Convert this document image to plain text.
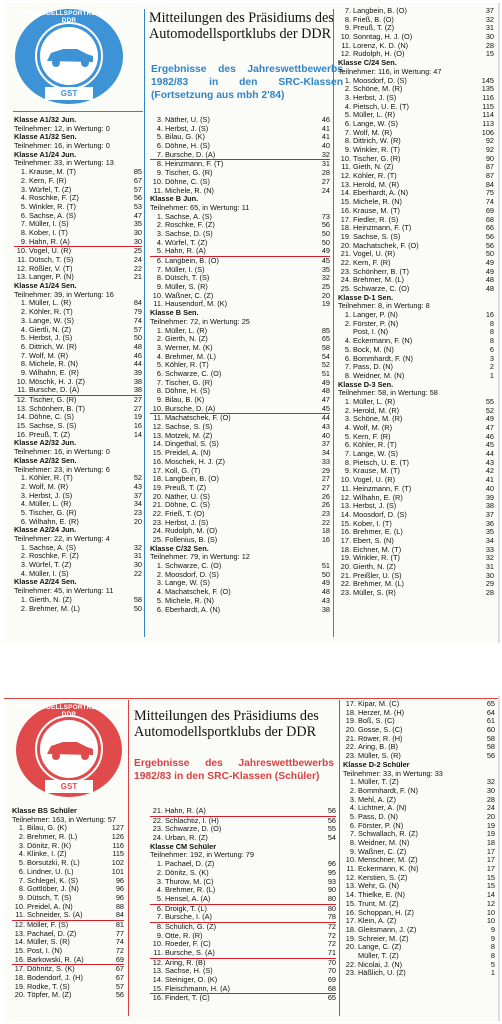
AUTOMODELLSPORTKLUB DER DDR
GST
Mitteilungen des Präsidiums des Automodellsportklubs der DDR
Ergebnisse des Jahreswettbewerbs 1982/83 in den SRC-Klassen (Fortsetzung aus mbh 2'84)
Klasse A1/32 Jun.
Teilnehmer: 12, in Wertung: 0
Klasse A1/32 Sen.
Teilnehmer: 16, in Wertung: 0
Klasse A1/24 Jun.
Teilnehmer: 33, in Wertung: 13
1. Krause, M. (T)	85
2. Kern, F. (R)	67
3. Würfel, T. (Z)	57
4. Roschke, F. (Z)	56
5. Winkler, R. (T)	53
6. Sachse, A. (S)	47
7. Müller, I. (S)	35
8. Kober, I. (T)	30
9. Hahn, R. (A)	30
10. Vogel, U. (R)	25
11. Dütsch, T. (S)	24
12. Rößler, V. (T)	22
13. Langer, P. (N)	21
Klasse A1/24 Sen.
Teilnehmer: 39, in Wertung: 16
1. Müller, L. (R)	84
2. Köhler, R. (T)	79
3. Lange, W. (S)	74
4. Giertli, N. (Z)	57
5. Herbst, J. (S)	50
6. Dittrich, W. (R)	48
7. Wolf, M. (R)	46
8. Michele, R. (N)	44
9. Wilhahn, E. (R)	39
10. Möschk, H. J. (Z)	38
11. Bursche, D. (A)	38
12. Tischer, G. (R)	27
13. Schönherr, B. (T)	27
14. Döhne, C. (S)	19
15. Sachse, S. (S)	16
16. Preuß, T. (Z)	14
Klasse A2/32 Jun.
Teilnehmer: 16, in Wertung: 0
Klasse A2/32 Sen.
Teilnehmer: 23, in Wertung: 6
1. Köhler, R. (T)	52
2. Wolf, M. (R)	43
3. Herbst, J. (S)	37
4. Müller, L. (R)	34
5. Tischer, G. (R)	23
6. Wilhahn, E. (R)	20
Klasse A2/24 Jun.
Teilnehmer: 22, in Wertung: 4
1. Sachse, A. (S)	32
2. Roschke, F. (Z)	31
3. Würfel, T. (Z)	30
4. Müller, I. (S)	22
Klasse A2/24 Sen.
Teilnehmer: 45, in Wertung: 11
1. Gierth, N. (Z)	58
2. Brehmer, M. (L)	50
3. Näther, U. (S)	46
4. Herbst, J. (S)	41
5. Bilau, G. (K)	41
6. Döhne, H. (S)	40
7. Bursche, D. (A)	32
8. Heinzmann, F. (T)	31
9. Tischer, G. (R)	28
10. Döhne, C. (S)	27
11. Michele, R. (N)	24
Klasse B Jun.
Teilnehmer: 65, in Wertung: 11
1. Sachse, A. (S)	73
2. Roschke, F. (Z)	56
3. Sachse, D. (S)	50
4. Würfel, T. (Z)	50
5. Hahn, R. (A)	49
6. Langbein, B. (O)	45
7. Müller, I. (S)	35
8. Dütsch, T. (S)	32
9. Müller, S. (R)	25
10. Waßner, C. (Z)	20
11. Hausendorf, M. (K)	19
Klasse B Sen.
Teilnehmer: 72, in Wertung: 25
1. Müller, L. (R)	85
2. Gierth, N. (Z)	65
3. Werner, M. (K)	58
4. Brehmer, M. (L)	54
5. Köhler, R. (T)	52
6. Schwarze, C. (O)	51
7. Tischer, G. (R)	49
8. Döhne, H. (S)	48
9. Bilau, B. (K)	47
10. Bursche, D. (A)	45
11. Machatschek, F. (O)	44
12. Sachse, S. (S)	43
13. Motzek, M. (Z)	40
14. Dingethal, S. (S)	37
15. Preidel, A. (N)	34
16. Moschek, H. J. (Z)	33
17. Koll, G. (T)	29
18. Langbein, B. (O)	27
19. Preuß, T. (Z)	27
20. Näther, U. (S)	26
21. Döhne, C. (S)	26
22. Frieß, T. (O)	23
23. Herbst, J. (S)	22
24. Rudolph, M. (O)	18
25. Follenius, B. (S)	16
Klasse C/32 Sen.
Teilnehmer: 79, in Wertung: 12
1. Schwarze, C. (O)	51
2. Moosdorf, D. (S)	50
3. Lange, W. (S)	49
4. Machatschek, F. (O)	48
5. Michele, R. (N)	43
6. Eberhardt, A. (N)	38
7. Langbein, B. (O)	37
8. Frieß, B. (O)	32
9. Preuß, T. (Z)	31
10. Sonntag, H. J. (O)	30
11. Lorenz, K. D. (N)	28
12. Rudolph, H. (O)	15
Klasse C/24 Sen.
Teilnehmer: 116, in Wertung: 47
1. Moosdorf, D. (S)	145
2. Schöne, M. (R)	135
3. Herbst, J. (S)	116
4. Pietsch, U. E. (T)	115
5. Müller, L. (R)	114
6. Lange, W. (S)	113
7. Wolf, M. (R)	106
8. Dittrich, W. (R)	92
9. Winkler, R. (T)	92
10. Tischer, G. (R)	90
11. Gieth, N. (Z)	87
12. Köhler, R. (T)	87
13. Herold, M. (R)	84
14. Eberhardt, A. (N)	75
15. Michele, R. (N)	74
16. Krause, M. (T)	69
17. Fiedler, R. (S)	68
18. Heinzmann, F. (T)	66
19. Sachse, S. (S)	56
20. Machatschek, F. (O)	56
21. Vogel, U. (R)	50
22. Kern, F. (R)	49
23. Schönherr, B. (T)	49
24. Brehmer, M. (L)	48
25. Schwarze, C. (O)	48
Klasse D-1 Sen.
Teilnehmer: 8, in Wertung: 8
1. Langer, P. (N)	16
2. Förster, P. (N)	8
Post, I. (N)	8
4. Eckermann, F. (N)	8
5. Bock, M. (N)	6
6. Bommhardt, F. (N)	3
7. Pass, D. (N)	2
8. Weidner, M. (N)	1
Klasse D-3 Sen.
Teilnehmer: 58, in Wertung: 58
1. Müller, L. (R)	55
2. Herold, M. (R)	52
3. Schöne, M. (R)	49
4. Wolf, M. (R)	47
5. Kern, F. (R)	46
6. Köhler, R. (T)	45
7. Lange, W. (S)	44
8. Pietsch, U. E. (T)	43
9. Krause, M. (T)	42
10. Vogel, U. (R)	41
11. Heinzmann, F. (T)	40
12. Wilhahn, E. (R)	39
13. Herbst, J. (S)	38
14. Moosdorf, D. (S)	37
15. Kober, I. (T)	36
16. Brehmer, E. (L)	35
17. Ebert, S. (N)	34
18. Eichner, M. (T)	33
19. Winkler, R. (T)	32
20. Gierth, N. (Z)	31
21. Preißler, U. (S)	30
22. Brehmer, M. (L)	29
23. Müller, S. (R)	28
AUTOMODELLSPORTKLUB DER DDR
GST
Mitteilungen des Präsidiums des Automodellsportklubs der DDR
Ergebnisse des Jahreswettbewerbs 1982/83 in den SRC-Klassen (Schüler)
Klasse BS Schüler
Teilnehmer: 163, in Wertung: 57
1. Bilau, G. (K)	127
2. Brehmer, R. (L)	126
3. Dönitz, R. (K)	116
4. Klinke, I. (Z)	115
5. Borsutzki, R. (L)	102
6. Lindner, U. (L)	101
7. Schlegel, K. (S)	96
8. Gottlöber, J. (N)	96
9. Dütsch, T. (S)	96
10. Preidel, A. (N)	88
11. Schneider, S. (A)	84
12. Möller, F. (S)	81
13. Pachael, D. (Z)	77
14. Müller, S. (R)	74
15. Post, I. (N)	72
16. Barkowski, R. (A)	69
17. Döhnitz, S. (K)	67
18. Bodendorf, J. (H)	67
19. Rodke, T. (S)	57
20. Töpfer, M. (Z)	56
21. Hahn, R. (A)	56
22. Schlachtiz, I. (H)	56
23. Schwarze, D. (O)	55
24. Urban, R. (Z)	54
Klasse CM Schüler
Teilnehmer: 192, in Wertung: 79
1. Pachael, D. (Z)	96
2. Dönitz, S. (K)	95
3. Thurow, M. (C)	93
4. Brehmer, R. (L)	90
5. Hensel, A. (A)	80
6. Droigk, T. (L)	80
7. Bursche, I. (A)	78
8. Schulich, G. (Z)	72
9. Otte, R. (R)	72
10. Roeder, F. (C)	72
11. Bursche, S. (A)	71
12. Aring, R. (B)	70
13. Sachse, H. (S)	70
14. Steiniger, O. (K)	69
15. Fleischmann, H. (A)	68
16. Findert, T. (C)	65
17. Kipar, M. (C)	65
18. Herzer, M. (H)	64
19. Boß, S. (C)	61
20. Gosse, S. (C)	60
21. Röwer, R. (H)	58
22. Aring, B. (B)	58
23. Müller, S. (R)	56
Klasse D-2 Schüler
Teilnehmer: 33, in Wertung: 33
1. Müller, T. (Z)	32
2. Bommhardt, F. (N)	30
3. Mehl, A. (Z)	28
4. Lichtner, A. (N)	24
5. Pass, D. (N)	20
6. Förster, P. (N)	19
7. Schwallach, R. (Z)	19
8. Weidner, M. (N)	18
9. Waßner, C. (Z)	17
10. Menschner, M. (Z)	17
11. Eckermann, K. (N)	17
12. Kerstien, S. (Z)	15
13. Wehr, G. (N)	15
14. Thielke, E. (N)	14
15. Trunt, M. (Z)	12
16. Schoppan, H. (Z)	10
17. Klein, A. (Z)	10
18. Gleitsmann, J. (Z)	9
19. Schreier, M. (Z)	9
20. Lange, C. (Z)	8
Müller, T. (Z)	8
22. Nicolai, J. (N)	5
23. Häßlich, U. (Z)	1
